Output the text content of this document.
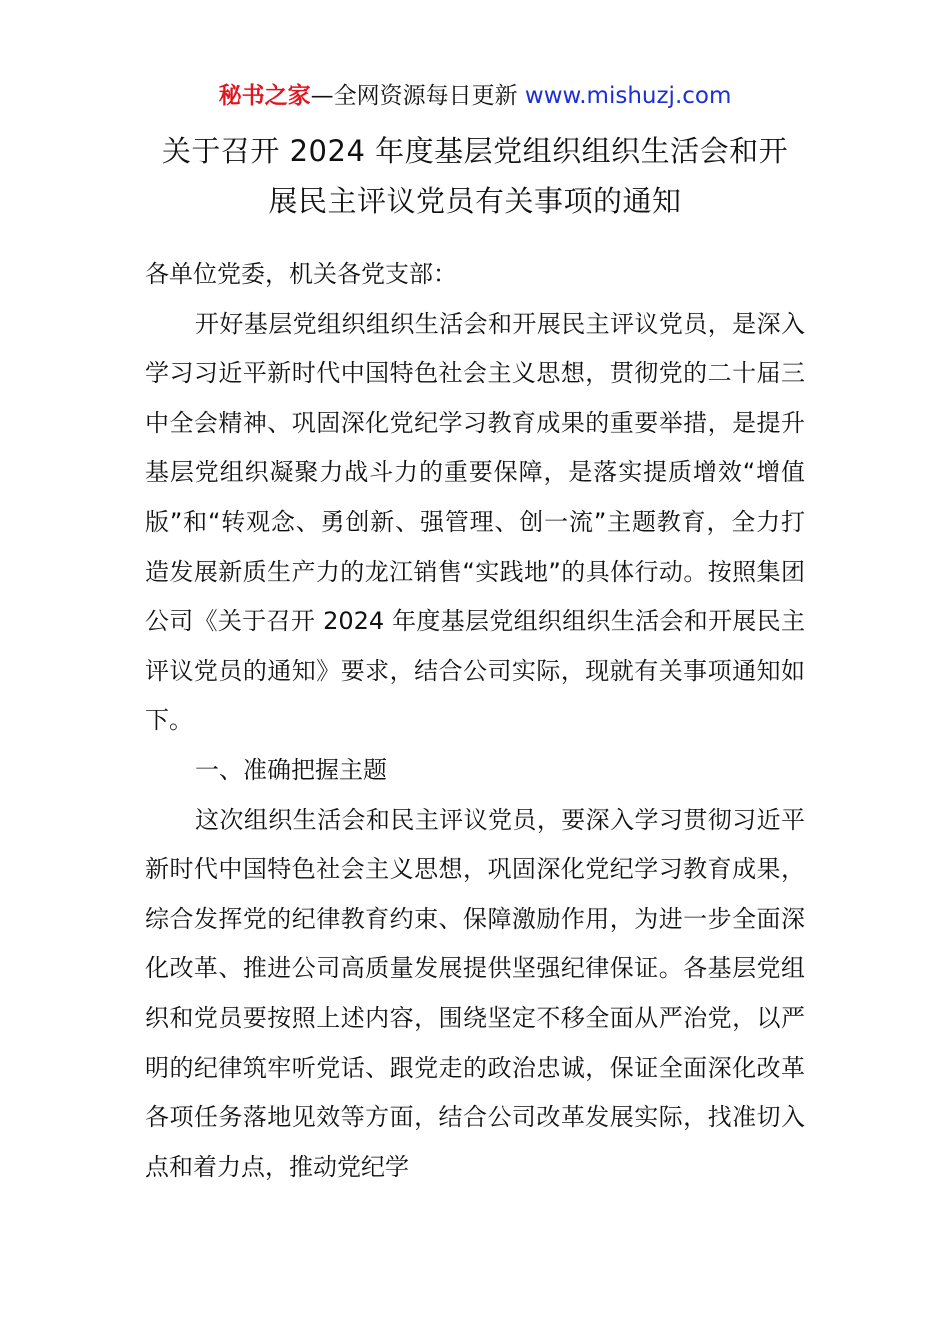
秘书之家—全网资源每日更新 www.mishuzj.com
关于召开 2024 年度基层党组织组织生活会和开
展民主评议党员有关事项的通知

各单位党委，机关各党支部：

开好基层党组织组织生活会和开展民主评议党员，是深入学习习近平新时代中国特色社会主义思想，贯彻党的二十届三中全会精神、巩固深化党纪学习教育成果的重要举措，是提升基层党组织凝聚力战斗力的重要保障，是落实提质增效“增值版”和“转观念、勇创新、强管理、创一流”主题教育，全力打造发展新质生产力的龙江销售“实践地”的具体行动。按照集团公司《关于召开 2024 年度基层党组织组织生活会和开展民主评议党员的通知》要求，结合公司实际，现就有关事项通知如下。

一、准确把握主题

这次组织生活会和民主评议党员，要深入学习贯彻习近平新时代中国特色社会主义思想，巩固深化党纪学习教育成果，综合发挥党的纪律教育约束、保障激励作用，为进一步全面深化改革、推进公司高质量发展提供坚强纪律保证。各基层党组织和党员要按照上述内容，围绕坚定不移全面从严治党，以严明的纪律筑牢听党话、跟党走的政治忠诚，保证全面深化改革各项任务落地见效等方面，结合公司改革发展实际，找准切入点和着力点，推动党纪学
